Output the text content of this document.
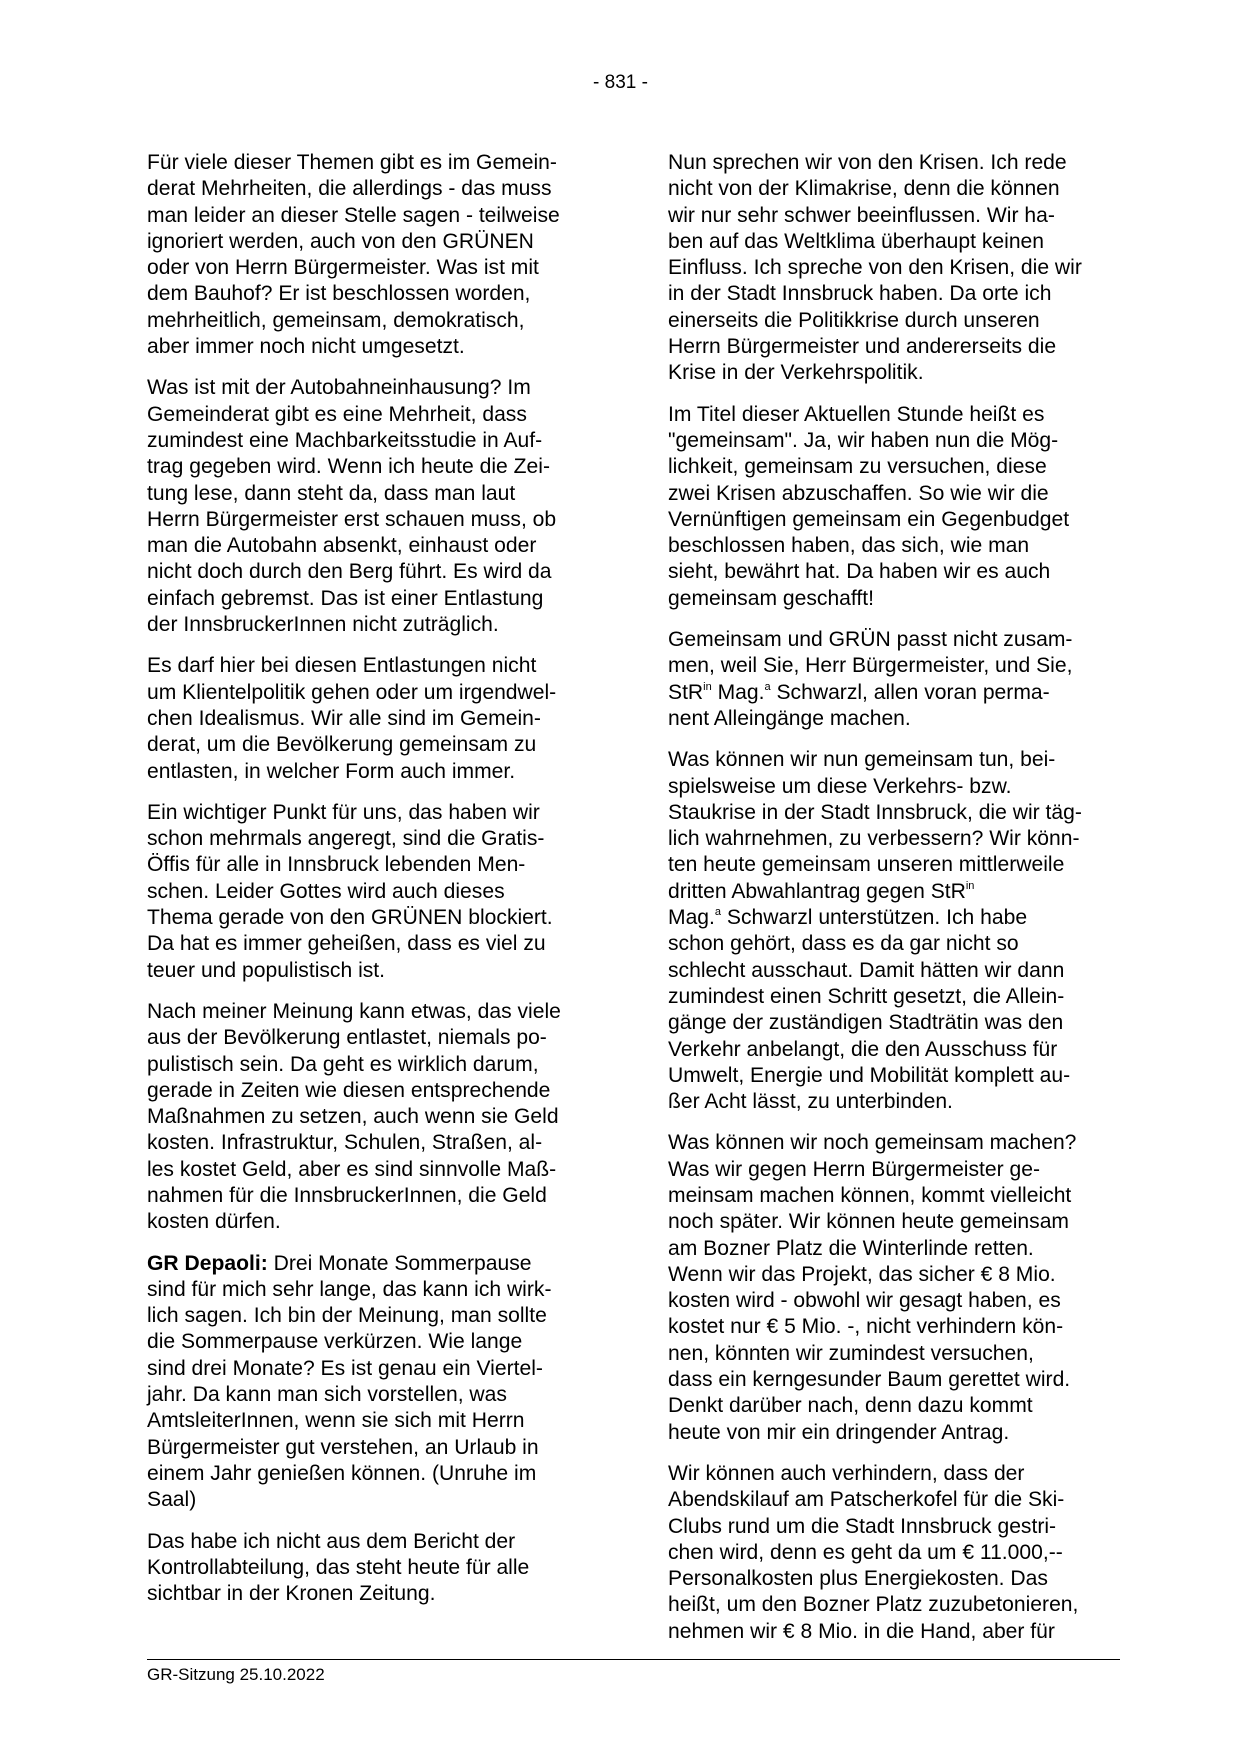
- 831 -

Für viele dieser Themen gibt es im Gemein-
derat Mehrheiten, die allerdings - das muss
man leider an dieser Stelle sagen - teilweise
ignoriert werden, auch von den GRÜNEN
oder von Herrn Bürgermeister. Was ist mit
dem Bauhof? Er ist beschlossen worden,
mehrheitlich, gemeinsam, demokratisch,
aber immer noch nicht umgesetzt.

Was ist mit der Autobahneinhausung? Im
Gemeinderat gibt es eine Mehrheit, dass
zumindest eine Machbarkeitsstudie in Auf-
trag gegeben wird. Wenn ich heute die Zei-
tung lese, dann steht da, dass man laut
Herrn Bürgermeister erst schauen muss, ob
man die Autobahn absenkt, einhaust oder
nicht doch durch den Berg führt. Es wird da
einfach gebremst. Das ist einer Entlastung
der InnsbruckerInnen nicht zuträglich.

Es darf hier bei diesen Entlastungen nicht
um Klientelpolitik gehen oder um irgendwel-
chen Idealismus. Wir alle sind im Gemein-
derat, um die Bevölkerung gemeinsam zu
entlasten, in welcher Form auch immer.

Ein wichtiger Punkt für uns, das haben wir
schon mehrmals angeregt, sind die Gratis-
Öffis für alle in Innsbruck lebenden Men-
schen. Leider Gottes wird auch dieses
Thema gerade von den GRÜNEN blockiert.
Da hat es immer geheißen, dass es viel zu
teuer und populistisch ist.

Nach meiner Meinung kann etwas, das viele
aus der Bevölkerung entlastet, niemals po-
pulistisch sein. Da geht es wirklich darum,
gerade in Zeiten wie diesen entsprechende
Maßnahmen zu setzen, auch wenn sie Geld
kosten. Infrastruktur, Schulen, Straßen, al-
les kostet Geld, aber es sind sinnvolle Maß-
nahmen für die InnsbruckerInnen, die Geld
kosten dürfen.

GR Depaoli: Drei Monate Sommerpause
sind für mich sehr lange, das kann ich wirk-
lich sagen. Ich bin der Meinung, man sollte
die Sommerpause verkürzen. Wie lange
sind drei Monate? Es ist genau ein Viertel-
jahr. Da kann man sich vorstellen, was
AmtsleiterInnen, wenn sie sich mit Herrn
Bürgermeister gut verstehen, an Urlaub in
einem Jahr genießen können. (Unruhe im
Saal)

Das habe ich nicht aus dem Bericht der
Kontrollabteilung, das steht heute für alle
sichtbar in der Kronen Zeitung.

Nun sprechen wir von den Krisen. Ich rede
nicht von der Klimakrise, denn die können
wir nur sehr schwer beeinflussen. Wir ha-
ben auf das Weltklima überhaupt keinen
Einfluss. Ich spreche von den Krisen, die wir
in der Stadt Innsbruck haben. Da orte ich
einerseits die Politikkrise durch unseren
Herrn Bürgermeister und andererseits die
Krise in der Verkehrspolitik.

Im Titel dieser Aktuellen Stunde heißt es
"gemeinsam". Ja, wir haben nun die Mög-
lichkeit, gemeinsam zu versuchen, diese
zwei Krisen abzuschaffen. So wie wir die
Vernünftigen gemeinsam ein Gegenbudget
beschlossen haben, das sich, wie man
sieht, bewährt hat. Da haben wir es auch
gemeinsam geschafft!

Gemeinsam und GRÜN passt nicht zusam-
men, weil Sie, Herr Bürgermeister, und Sie,
StR$^{in}$ Mag.$^a$ Schwarzl, allen voran perma-
nent Alleingänge machen.

Was können wir nun gemeinsam tun, bei-
spielsweise um diese Verkehrs- bzw.
Staukrise in der Stadt Innsbruck, die wir täg-
lich wahrnehmen, zu verbessern? Wir könn-
ten heute gemeinsam unseren mittlerweile
dritten Abwahlantrag gegen StR$^{in}$
Mag.$^a$ Schwarzl unterstützen. Ich habe
schon gehört, dass es da gar nicht so
schlecht ausschaut. Damit hätten wir dann
zumindest einen Schritt gesetzt, die Allein-
gänge der zuständigen Stadträtin was den
Verkehr anbelangt, die den Ausschuss für
Umwelt, Energie und Mobilität komplett au-
ßer Acht lässt, zu unterbinden.

Was können wir noch gemeinsam machen?
Was wir gegen Herrn Bürgermeister ge-
meinsam machen können, kommt vielleicht
noch später. Wir können heute gemeinsam
am Bozner Platz die Winterlinde retten.
Wenn wir das Projekt, das sicher € 8 Mio.
kosten wird - obwohl wir gesagt haben, es
kostet nur € 5 Mio. -, nicht verhindern kön-
nen, könnten wir zumindest versuchen,
dass ein kerngesunder Baum gerettet wird.
Denkt darüber nach, denn dazu kommt
heute von mir ein dringender Antrag.

Wir können auch verhindern, dass der
Abendskilauf am Patscherkofel für die Ski-
Clubs rund um die Stadt Innsbruck gestri-
chen wird, denn es geht da um € 11.000,--
Personalkosten plus Energiekosten. Das
heißt, um den Bozner Platz zuzubetonieren,
nehmen wir € 8 Mio. in die Hand, aber für

GR-Sitzung 25.10.2022
